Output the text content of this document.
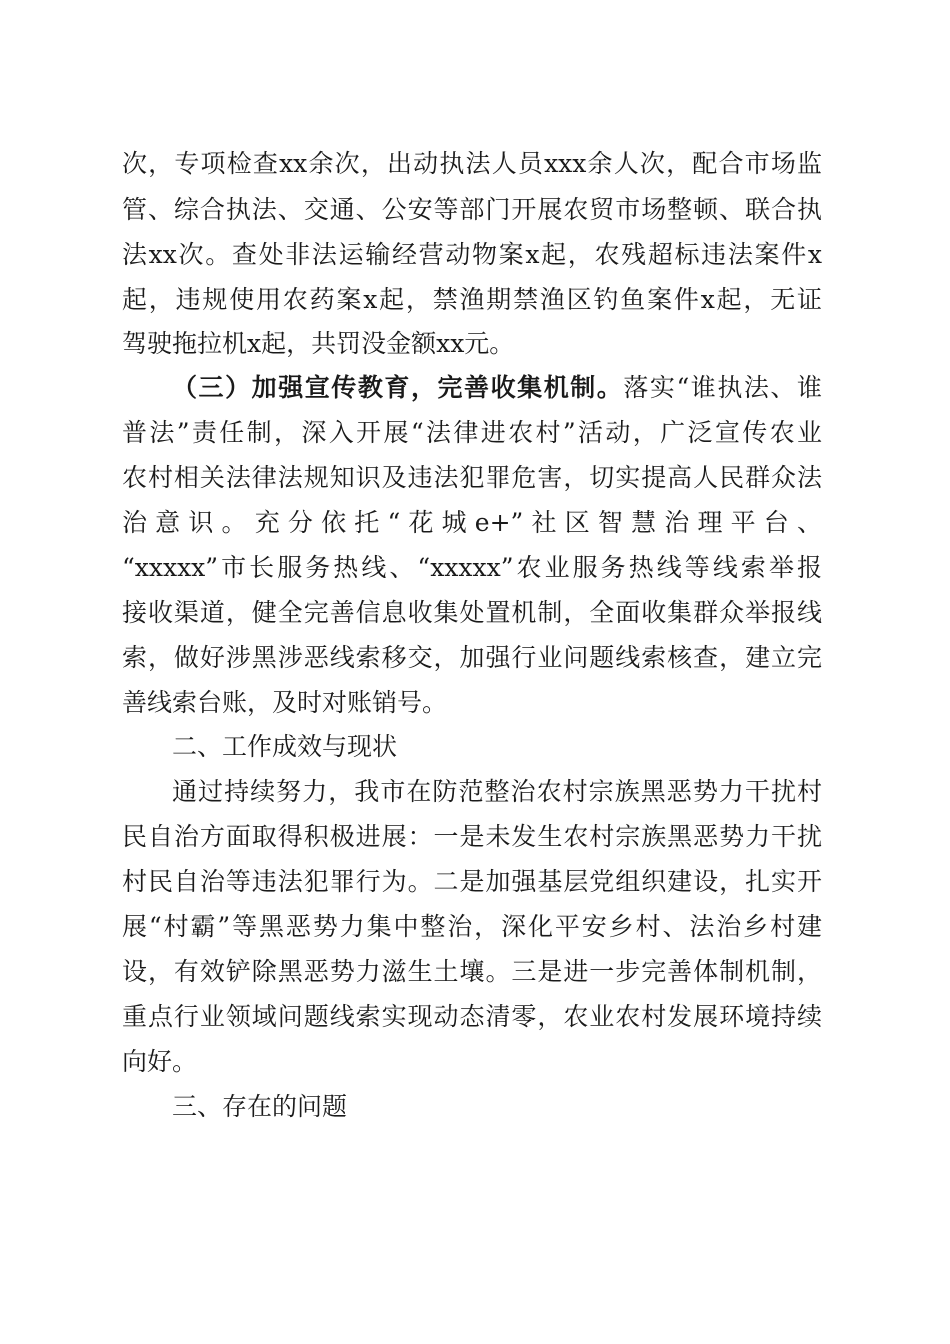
次，专项检查xx余次，出动执法人员xxx余人次，配合市场监
管、综合执法、交通、公安等部门开展农贸市场整顿、联合执
法xx次。查处非法运输经营动物案x起，农残超标违法案件x
起，违规使用农药案x起，禁渔期禁渔区钓鱼案件x起，无证
驾驶拖拉机x起，共罚没金额xx元。
（三）加强宣传教育，完善收集机制。落实“谁执法、谁
普法”责任制，深入开展“法律进农村”活动，广泛宣传农业
农村相关法律法规知识及违法犯罪危害，切实提高人民群众法
治意识。充分依托“花城e+”社区智慧治理平台、
“xxxxx”市长服务热线、“xxxxx”农业服务热线等线索举报
接收渠道，健全完善信息收集处置机制，全面收集群众举报线
索，做好涉黑涉恶线索移交，加强行业问题线索核查，建立完
善线索台账，及时对账销号。
二、工作成效与现状
通过持续努力，我市在防范整治农村宗族黑恶势力干扰村
民自治方面取得积极进展：一是未发生农村宗族黑恶势力干扰
村民自治等违法犯罪行为。二是加强基层党组织建设，扎实开
展“村霸”等黑恶势力集中整治，深化平安乡村、法治乡村建
设，有效铲除黑恶势力滋生土壤。三是进一步完善体制机制，
重点行业领域问题线索实现动态清零，农业农村发展环境持续
向好。
三、存在的问题
